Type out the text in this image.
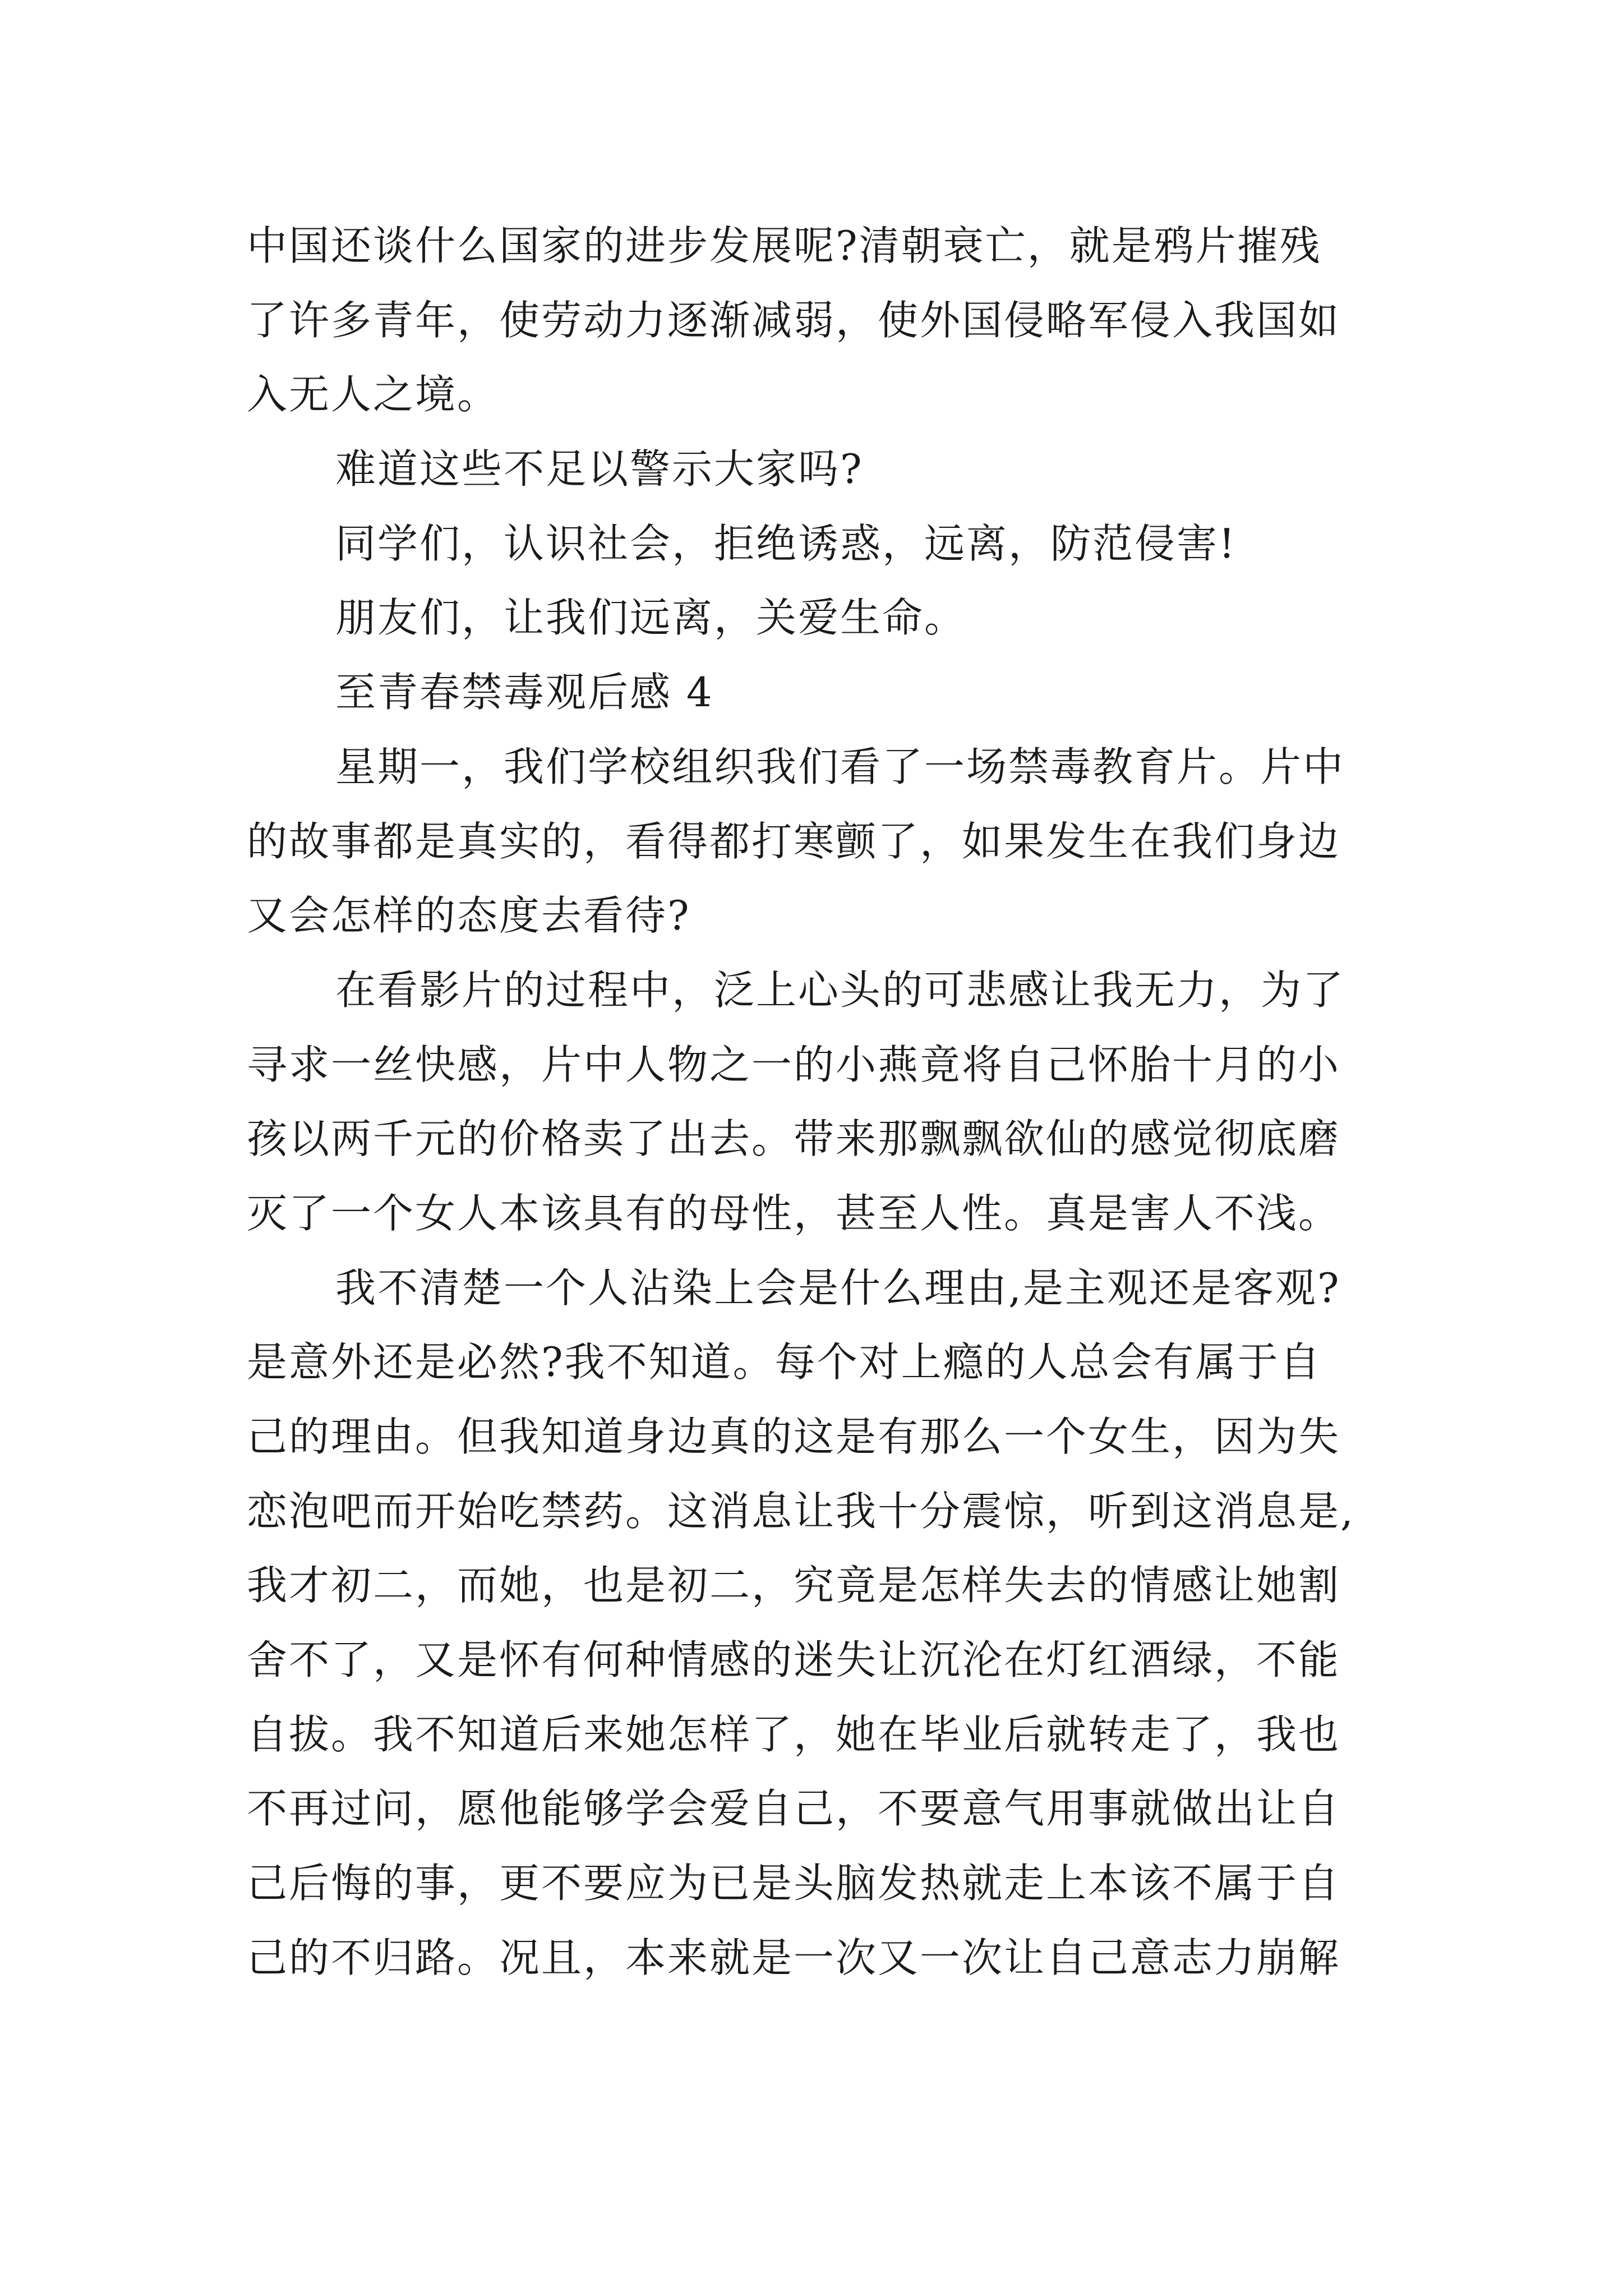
中国还谈什么国家的进步发展呢?清朝衰亡，就是鸦片摧残
了许多青年，使劳动力逐渐减弱，使外国侵略军侵入我国如
入无人之境。
难道这些不足以警示大家吗?
同学们，认识社会，拒绝诱惑，远离，防范侵害!
朋友们，让我们远离，关爱生命。
至青春禁毒观后感 4
星期一，我们学校组织我们看了一场禁毒教育片。片中
的故事都是真实的，看得都打寒颤了，如果发生在我们身边
又会怎样的态度去看待?
在看影片的过程中，泛上心头的可悲感让我无力，为了
寻求一丝快感，片中人物之一的小燕竟将自己怀胎十月的小
孩以两千元的价格卖了出去。带来那飘飘欲仙的感觉彻底磨
灭了一个女人本该具有的母性，甚至人性。真是害人不浅。
我不清楚一个人沾染上会是什么理由,是主观还是客观?
是意外还是必然?我不知道。每个对上瘾的人总会有属于自
己的理由。但我知道身边真的这是有那么一个女生，因为失
恋泡吧而开始吃禁药。这消息让我十分震惊，听到这消息是,
我才初二，而她，也是初二，究竟是怎样失去的情感让她割
舍不了，又是怀有何种情感的迷失让沉沦在灯红酒绿，不能
自拔。我不知道后来她怎样了，她在毕业后就转走了，我也
不再过问，愿他能够学会爱自己，不要意气用事就做出让自
己后悔的事，更不要应为已是头脑发热就走上本该不属于自
己的不归路。况且，本来就是一次又一次让自己意志力崩解
